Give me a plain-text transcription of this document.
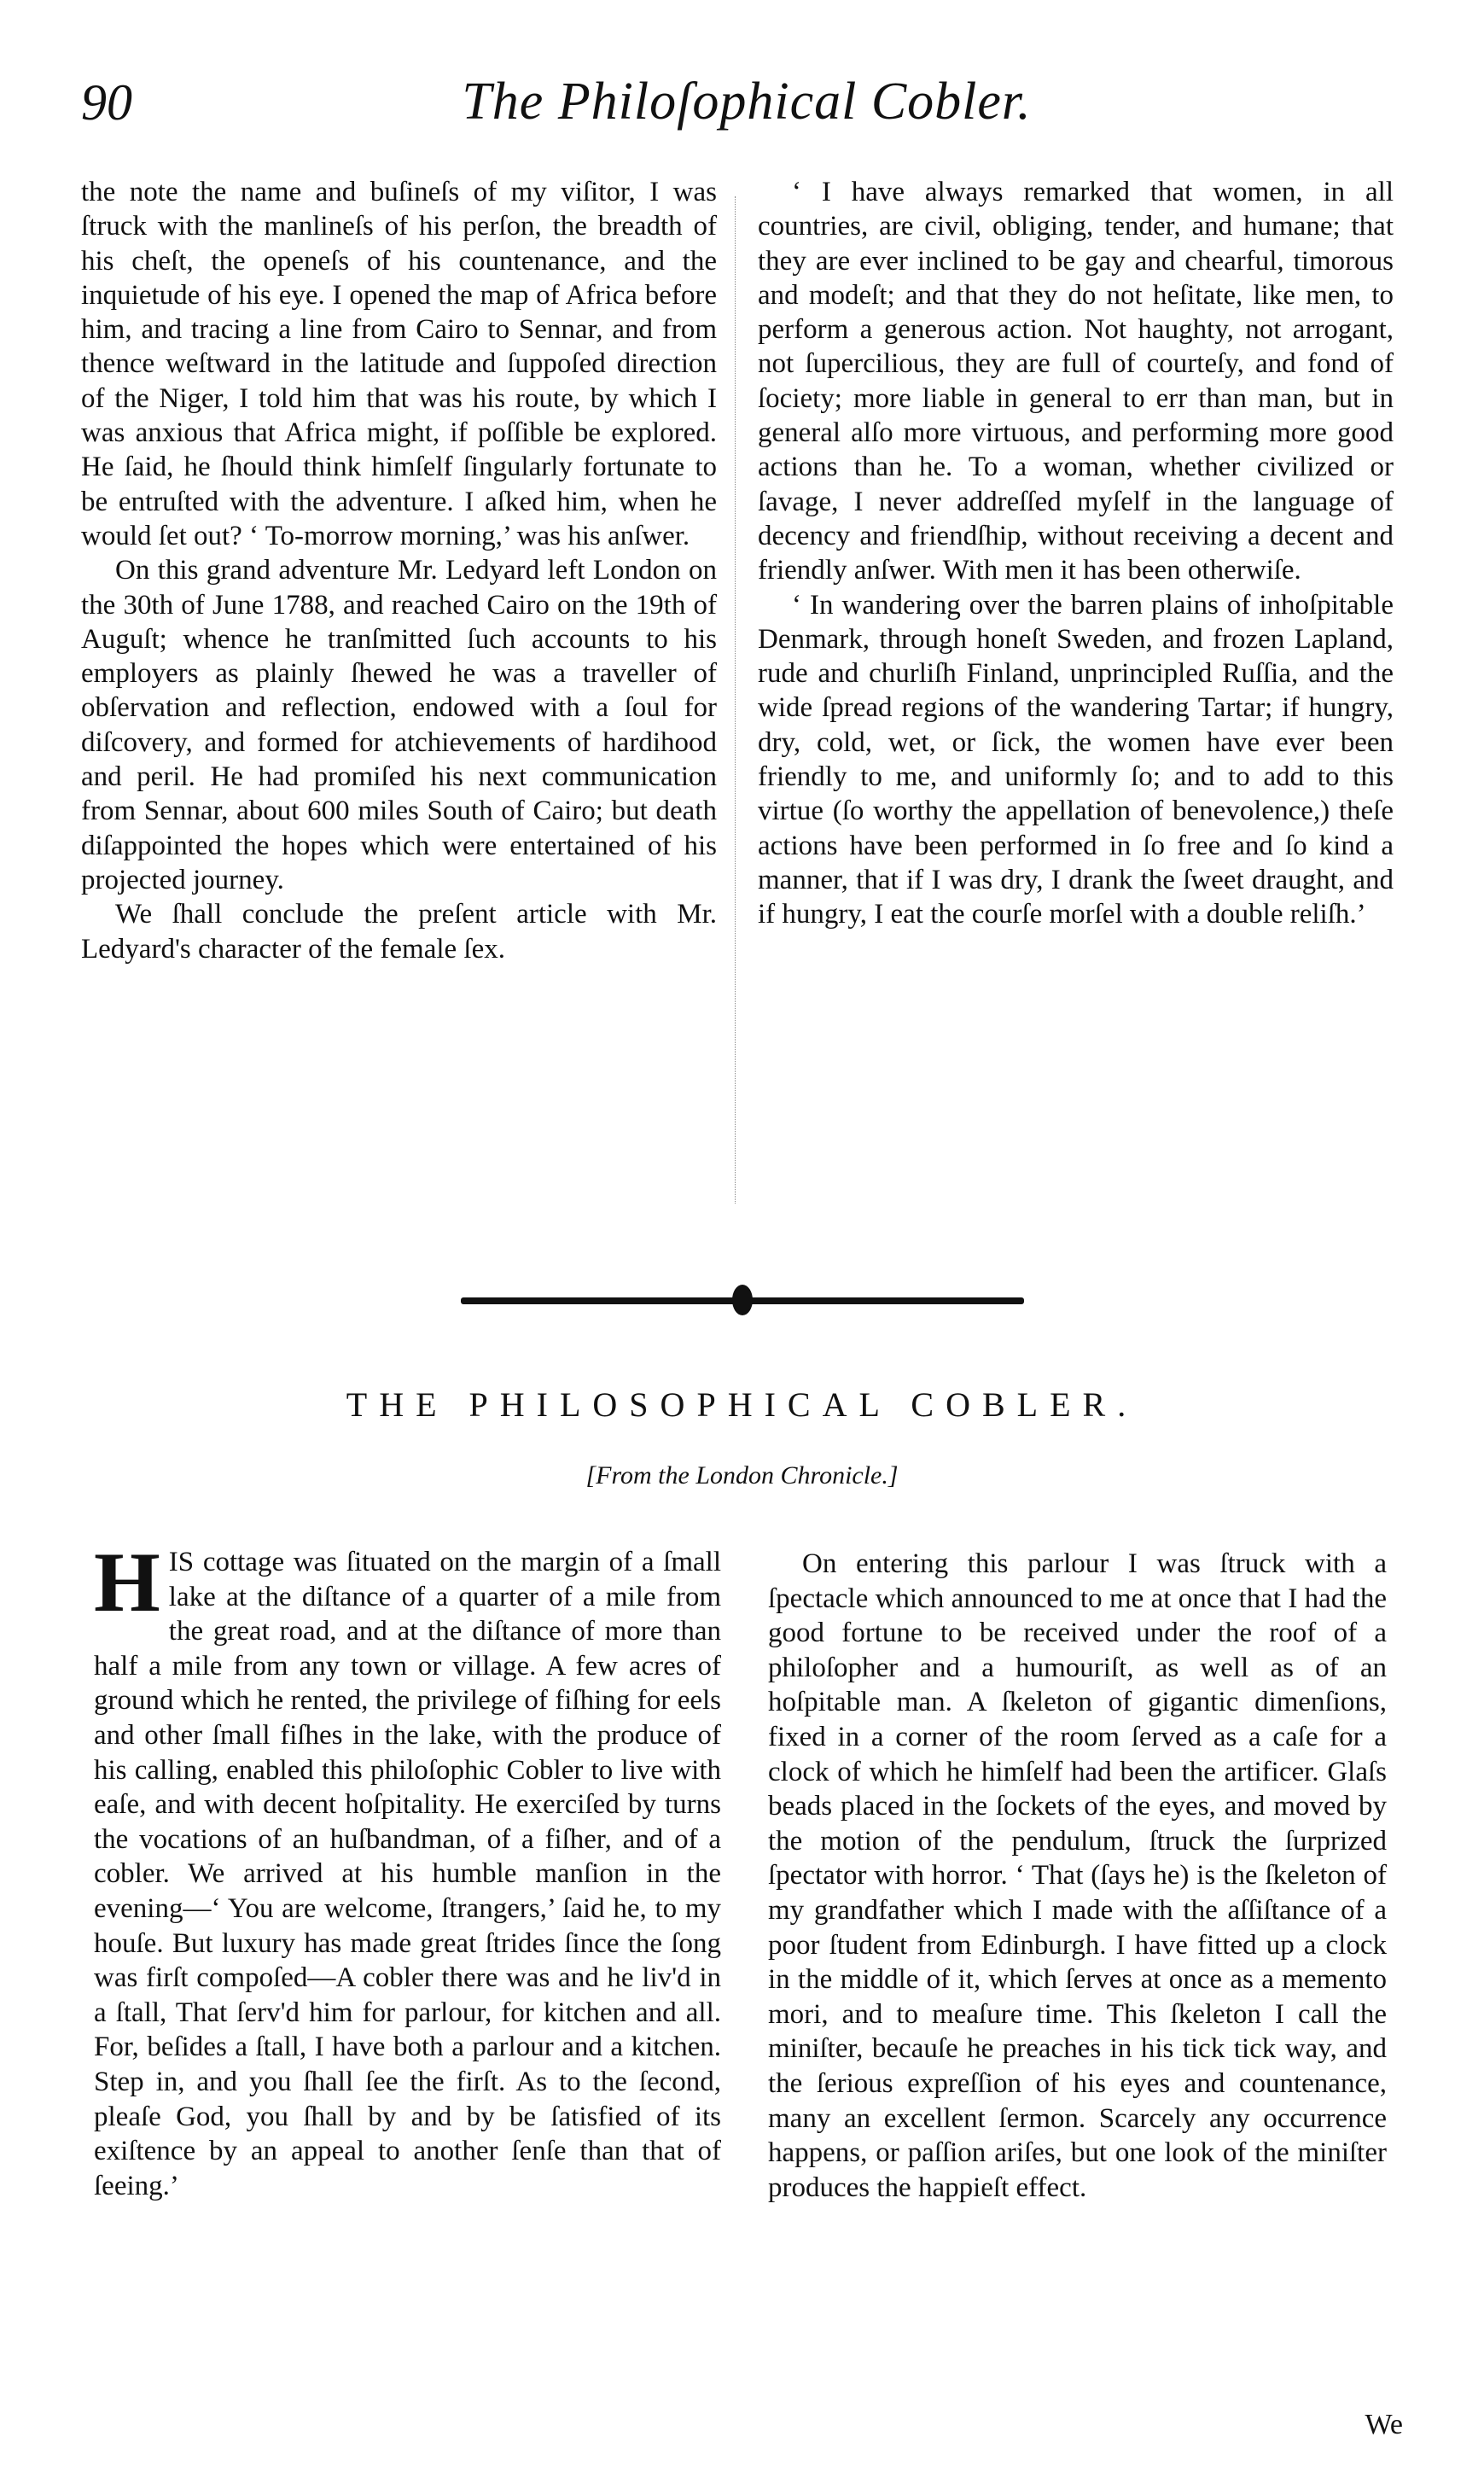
90	The Philoſophical Cobler.

the note the name and buſineſs of my viſitor, I was ſtruck with the manlineſs of his perſon, the breadth of his cheſt, the openeſs of his countenance, and the inquietude of his eye. I opened the map of Africa before him, and tracing a line from Cairo to Sennar, and from thence weſtward in the latitude and ſuppoſed direction of the Niger, I told him that was his route, by which I was anxious that Africa might, if poſſible be explored. He ſaid, he ſhould think himſelf ſingularly fortunate to be entruſted with the adventure. I aſked him, when he would ſet out? ‘ To-morrow morning,’ was his anſwer.

On this grand adventure Mr. Ledyard left London on the 30th of June 1788, and reached Cairo on the 19th of Auguſt; whence he tranſmitted ſuch accounts to his employers as plainly ſhewed he was a traveller of obſervation and reflection, endowed with a ſoul for diſcovery, and formed for atchievements of hardihood and peril. He had promiſed his next communication from Sennar, about 600 miles South of Cairo; but death diſappointed the hopes which were entertained of his projected journey.

We ſhall conclude the preſent article with Mr. Ledyard's character of the female ſex.

‘ I have always remarked that women, in all countries, are civil, obliging, tender, and humane; that they are ever inclined to be gay and chearful, timorous and modeſt; and that they do not heſitate, like men, to perform a generous action. Not haughty, not arrogant, not ſupercilious, they are full of courteſy, and fond of ſociety; more liable in general to err than man, but in general alſo more virtuous, and performing more good actions than he. To a woman, whether civilized or ſavage, I never addreſſed myſelf in the language of decency and friendſhip, without receiving a decent and friendly anſwer. With men it has been otherwiſe.

‘ In wandering over the barren plains of inhoſpitable Denmark, through honeſt Sweden, and frozen Lapland, rude and churliſh Finland, unprincipled Ruſſia, and the wide ſpread regions of the wandering Tartar; if hungry, dry, cold, wet, or ſick, the women have ever been friendly to me, and uniformly ſo; and to add to this virtue (ſo worthy the appellation of benevolence,) theſe actions have been performed in ſo free and ſo kind a manner, that if I was dry, I drank the ſweet draught, and if hungry, I eat the courſe morſel with a double reliſh.’

THE PHILOSOPHICAL COBLER.
[From the London Chronicle.]

H IS cottage was ſituated on the margin of a ſmall lake at the diſtance of a quarter of a mile from the great road, and at the diſtance of more than half a mile from any town or village. A few acres of ground which he rented, the privilege of fiſhing for eels and other ſmall fiſhes in the lake, with the produce of his calling, enabled this philoſophic Cobler to live with eaſe, and with decent hoſpitality. He exerciſed by turns the vocations of an huſbandman, of a fiſher, and of a cobler. We arrived at his humble manſion in the evening—‘ You are welcome, ſtrangers,’ ſaid he, to my houſe. But luxury has made great ſtrides ſince the ſong was firſt compoſed—A cobler there was and he liv'd in a ſtall, That ſerv'd him for parlour, for kitchen and all. For, beſides a ſtall, I have both a parlour and a kitchen. Step in, and you ſhall ſee the firſt. As to the ſecond, pleaſe God, you ſhall by and by be ſatisfied of its exiſtence by an appeal to another ſenſe than that of ſeeing.’

On entering this parlour I was ſtruck with a ſpectacle which announced to me at once that I had the good fortune to be received under the roof of a philoſopher and a humouriſt, as well as of an hoſpitable man. A ſkeleton of gigantic dimenſions, fixed in a corner of the room ſerved as a caſe for a clock of which he himſelf had been the artificer. Glaſs beads placed in the ſockets of the eyes, and moved by the motion of the pendulum, ſtruck the ſurprized ſpectator with horror. ‘ That (ſays he) is the ſkeleton of my grandfather which I made with the aſſiſtance of a poor ſtudent from Edinburgh. I have fitted up a clock in the middle of it, which ſerves at once as a memento mori, and to meaſure time. This ſkeleton I call the miniſter, becauſe he preaches in his tick tick way, and the ſerious expreſſion of his eyes and countenance, many an excellent ſermon. Scarcely any occurrence happens, or paſſion ariſes, but one look of the miniſter produces the happieſt effect.

We
